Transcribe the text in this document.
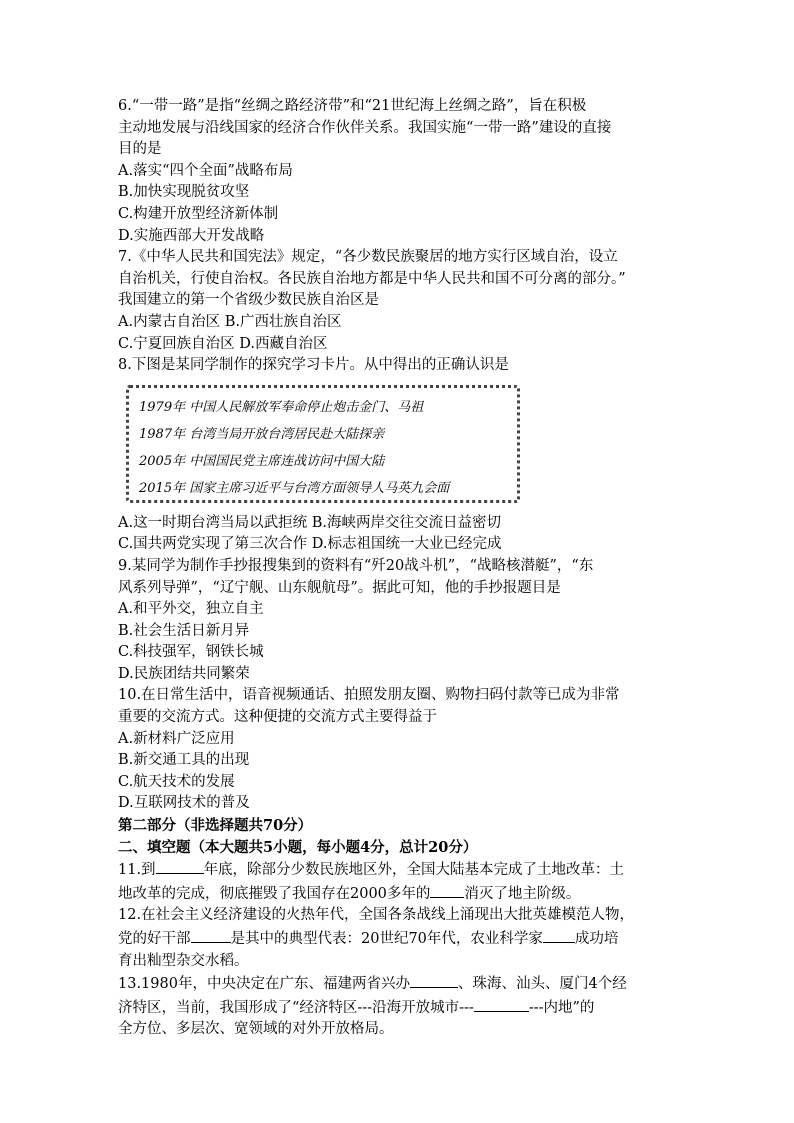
6.“一带一路”是指“丝绸之路经济带”和“21世纪海上丝绸之路”，旨在积极
主动地发展与沿线国家的经济合作伙伴关系。我国实施“一带一路”建设的直接
目的是
A.落实“四个全面”战略布局
B.加快实现脱贫攻坚
C.构建开放型经济新体制
D.实施西部大开发战略
7.《中华人民共和国宪法》规定，“各少数民族聚居的地方实行区域自治，设立
自治机关，行使自治权。各民族自治地方都是中华人民共和国不可分离的部分。”
我国建立的第一个省级少数民族自治区是
A.内蒙古自治区 B.广西壮族自治区
C.宁夏回族自治区 D.西藏自治区
8.下图是某同学制作的探究学习卡片。从中得出的正确认识是
1979年 中国人民解放军奉命停止炮击金门、马祖
1987年 台湾当局开放台湾居民赴大陆探亲
2005年 中国国民党主席连战访问中国大陆
2015年 国家主席习近平与台湾方面领导人马英九会面
A.这一时期台湾当局以武拒统 B.海峡两岸交往交流日益密切
C.国共两党实现了第三次合作 D.标志祖国统一大业已经完成
9.某同学为制作手抄报搜集到的资料有“歼20战斗机”，“战略核潜艇”，“东
风系列导弹”，“辽宁舰、山东舰航母”。据此可知，他的手抄报题目是
A.和平外交，独立自主
B.社会生活日新月异
C.科技强军，钢铁长城
D.民族团结共同繁荣
10.在日常生活中，语音视频通话、拍照发朋友圈、购物扫码付款等已成为非常
重要的交流方式。这种便捷的交流方式主要得益于
A.新材料广泛应用
B.新交通工具的出现
C.航天技术的发展
D.互联网技术的普及
第二部分（非选择题共70分）
二、填空题（本大题共5小题，每小题4分，总计20分）
11.到	年底，除部分少数民族地区外，全国大陆基本完成了土地改革：土
地改革的完成，彻底摧毁了我国存在2000多年的 消灭了地主阶级。
12.在社会主义经济建设的火热年代，全国各条战线上涌现出大批英雄模范人物，
党的好干部	是其中的典型代表：20世纪70年代，农业科学家 成功培
育出籼型杂交水稻。
13.1980年，中央决定在广东、福建两省兴办	、珠海、汕头、厦门4个经
济特区，当前，我国形成了“经济特区---沿海开放城市---	---内地”的
全方位、多层次、宽领域的对外开放格局。
